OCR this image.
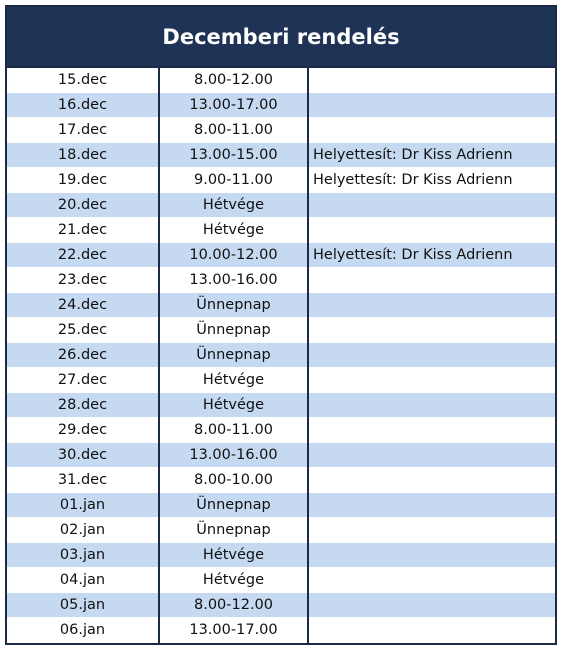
Decemberi rendelés
15.dec	8.00-12.00	
16.dec	13.00-17.00	
17.dec	8.00-11.00	
18.dec	13.00-15.00	Helyettesít: Dr Kiss Adrienn
19.dec	9.00-11.00	Helyettesít: Dr Kiss Adrienn
20.dec	Hétvége	
21.dec	Hétvége	
22.dec	10.00-12.00	Helyettesít: Dr Kiss Adrienn
23.dec	13.00-16.00	
24.dec	Ünnepnap	
25.dec	Ünnepnap	
26.dec	Ünnepnap	
27.dec	Hétvége	
28.dec	Hétvége	
29.dec	8.00-11.00	
30.dec	13.00-16.00	
31.dec	8.00-10.00	
01.jan	Ünnepnap	
02.jan	Ünnepnap	
03.jan	Hétvége	
04.jan	Hétvége	
05.jan	8.00-12.00	
06.jan	13.00-17.00	
